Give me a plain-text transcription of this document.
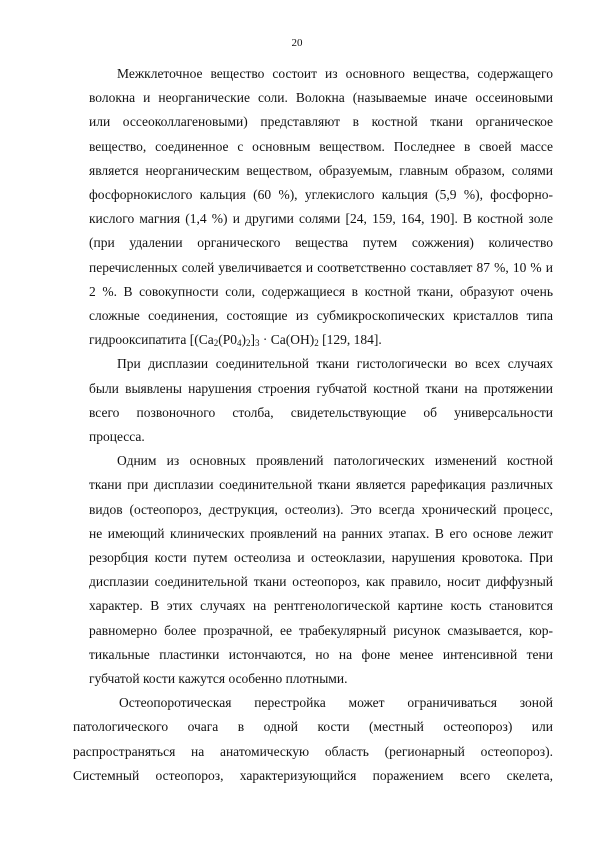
20
Межклеточное вещество состоит из основного вещества, содержащего
волокна и неорганические соли. Волокна (называемые иначе оссеиновыми
или оссеоколлагеновыми) представляют в костной ткани органическое
вещество, соединенное с основным веществом. Последнее в своей массе
является неорганическим веществом, образуемым, главным образом, солями
фосфорнокислого кальция (60 %), углекислого кальция (5,9 %), фосфорно-
кислого магния (1,4 %) и другими солями [24, 159, 164, 190]. В костной золе
(при удалении органического вещества путем сожжения) количество
перечисленных солей увеличивается и соответственно составляет 87 %, 10 % и
2 %. В совокупности соли, содержащиеся в костной ткани, образуют очень
сложные соединения, состоящие из субмикроскопических кристаллов типа
гидрооксипатита [$(Ca_2(P0_4)_2]_3 \cdot Ca(OH)_2$ [129, 184].
При дисплазии соединительной ткани гистологически во всех случаях
были выявлены нарушения строения губчатой костной ткани на протяжении
всего позвоночного столба, свидетельствующие об универсальности
процесса.
Одним из основных проявлений патологических изменений костной
ткани при дисплазии соединительной ткани является рарефикация различных
видов (остеопороз, деструкция, остеолиз). Это всегда хронический процесс,
не имеющий клинических проявлений на ранних этапах. В его основе лежит
резорбция кости путем остеолиза и остеоклазии, нарушения кровотока. При
дисплазии соединительной ткани остеопороз, как правило, носит диффузный
характер. В этих случаях на рентгенологической картине кость становится
равномерно более прозрачной, ее трабекулярный рисунок смазывается, кор-
тикальные пластинки истончаются, но на фоне менее интенсивной тени
губчатой кости кажутся особенно плотными.
Остеопоротическая перестройка может ограничиваться зоной
патологического очага в одной кости (местный остеопороз) или
распространяться на анатомическую область (регионарный остеопороз).
Системный остеопороз, характеризующийся поражением всего скелета,
